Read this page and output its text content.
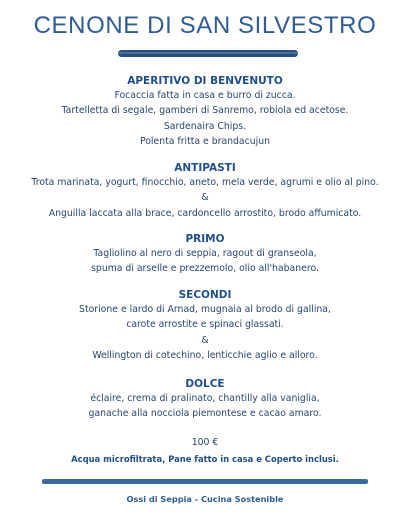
CENONE DI SAN SILVESTRO
APERITIVO DI BENVENUTO
Focaccia fatta in casa e burro di zucca.
Tartelletta di segale, gamberi di Sanremo, robiola ed acetose.
Sardenaira Chips.
Polenta fritta e brandacujun
ANTIPASTI
Trota marinata, yogurt, finocchio, aneto, mela verde, agrumi e olio al pino.
&
Anguilla laccata alla brace, cardoncello arrostito, brodo affumicato.
PRIMO
Tagliolino al nero di seppia, ragout di granseola,
spuma di arselle e prezzemolo, olio all'habanero.
SECONDI
Storione e lardo di Arnad, mugnaia al brodo di gallina,
carote arrostite e spinaci glassati.
&
Wellington di cotechino, lenticchie aglio e alloro.
DOLCE
éclaire, crema di pralinato, chantilly alla vaniglia,
ganache alla nocciola piemontese e cacao amaro.
100 €
Acqua microfiltrata, Pane fatto in casa e Coperto inclusi.
Ossi di Seppia - Cucina Sostenible
